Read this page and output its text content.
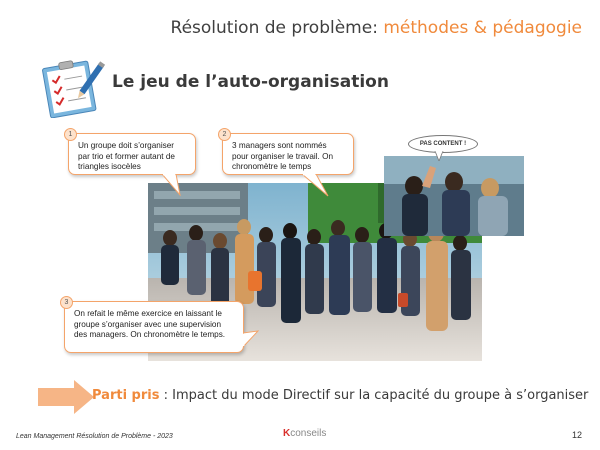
Résolution de problème: méthodes & pédagogie
Le jeu de l’auto-organisation
PAS CONTENT !
1
Un groupe doit s’organiser par trio et former autant de triangles isocèles
2
3 managers sont nommés pour organiser le travail. On chronomètre le temps
3
On refait le même exercice en laissant le groupe s’organiser avec une supervision des managers. On chronomètre le temps.
Parti pris : Impact du mode Directif sur la capacité du groupe à s’organiser
Lean Management Résolution de Problème - 2023	Kconseils	12
